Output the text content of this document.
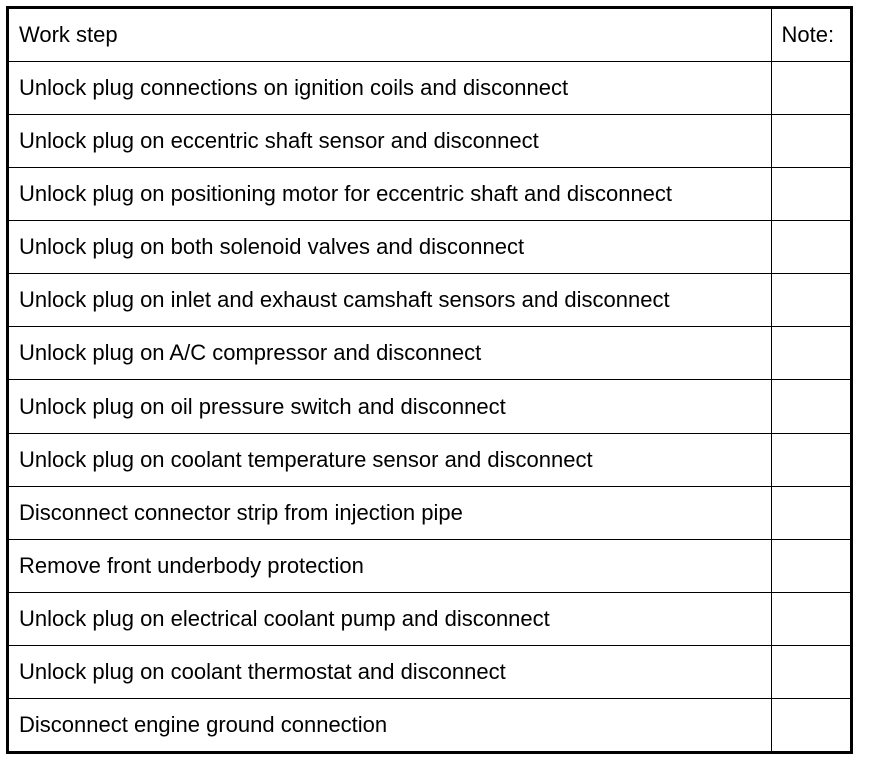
Work step	Note:
Unlock plug connections on ignition coils and disconnect	
Unlock plug on eccentric shaft sensor and disconnect	
Unlock plug on positioning motor for eccentric shaft and disconnect	
Unlock plug on both solenoid valves and disconnect	
Unlock plug on inlet and exhaust camshaft sensors and disconnect	
Unlock plug on A/C compressor and disconnect	
Unlock plug on oil pressure switch and disconnect	
Unlock plug on coolant temperature sensor and disconnect	
Disconnect connector strip from injection pipe	
Remove front underbody protection	
Unlock plug on electrical coolant pump and disconnect	
Unlock plug on coolant thermostat and disconnect	
Disconnect engine ground connection	
